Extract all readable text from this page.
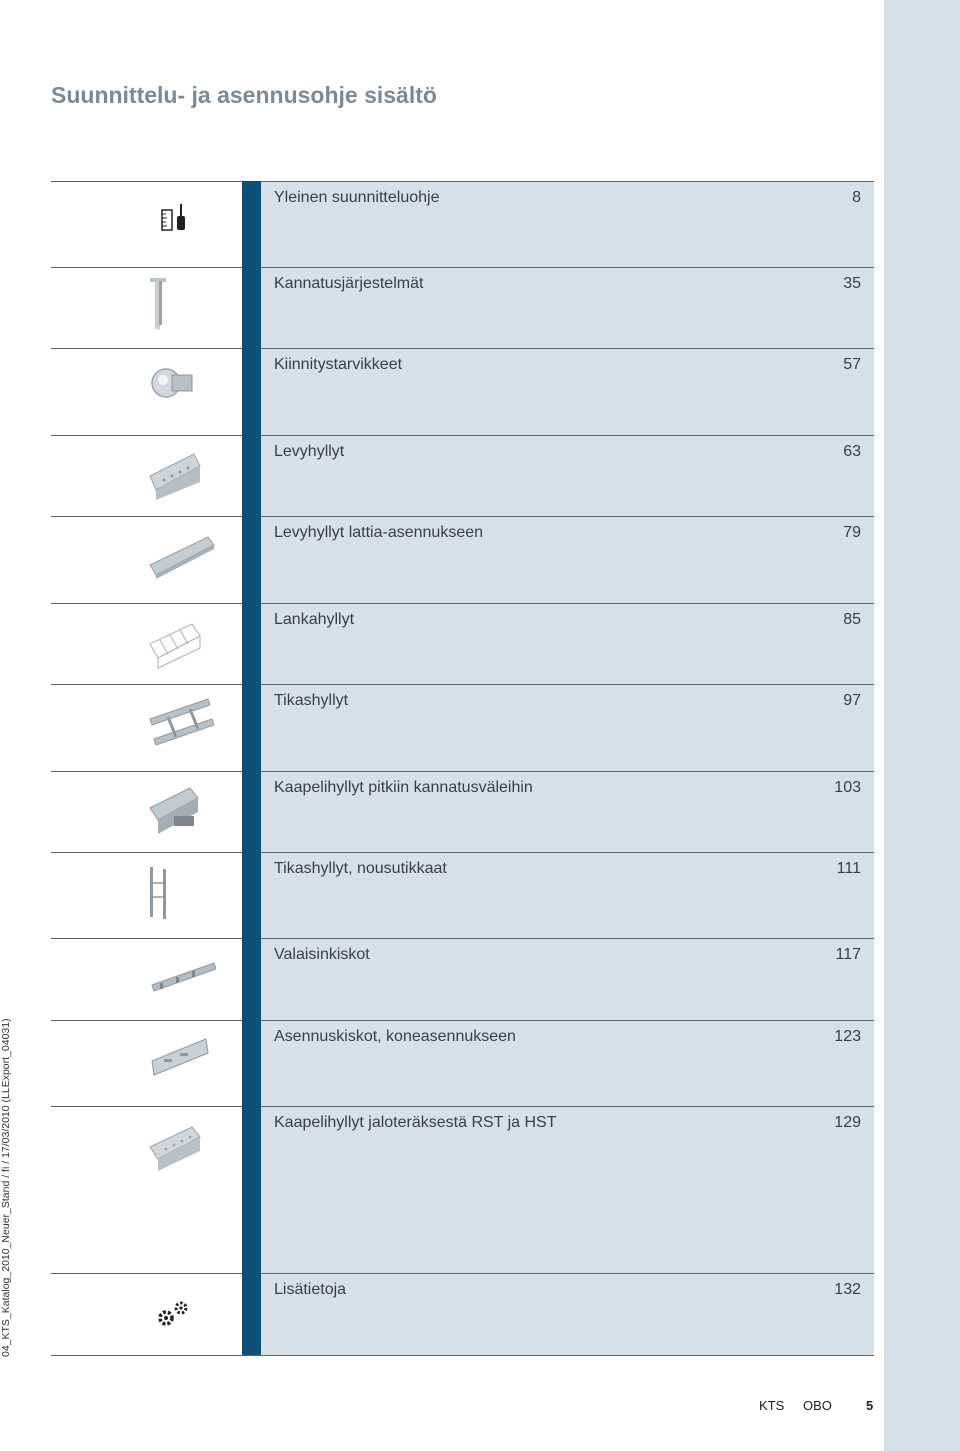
Suunnittelu- ja asennusohje sisältö
Yleinen suunnitteluohje	8
Kannatusjärjestelmät	35
Kiinnitystarvikkeet	57
Levyhyllyt	63
Levyhyllyt lattia-asennukseen	79
Lankahyllyt	85
Tikashyllyt	97
Kaapelihyllyt pitkiin kannatusväleihin	103
Tikashyllyt, nousutikkaat	111
Valaisinkiskot	117
Asennuskiskot, koneasennukseen	123
Kaapelihyllyt jaloteräksestä RST ja HST	129
Lisätietoja	132
04_KTS_Katalog_2010_Neuer_Stand / fi / 17/03/2010 (LLExport_04031)
KTS OBO	5
